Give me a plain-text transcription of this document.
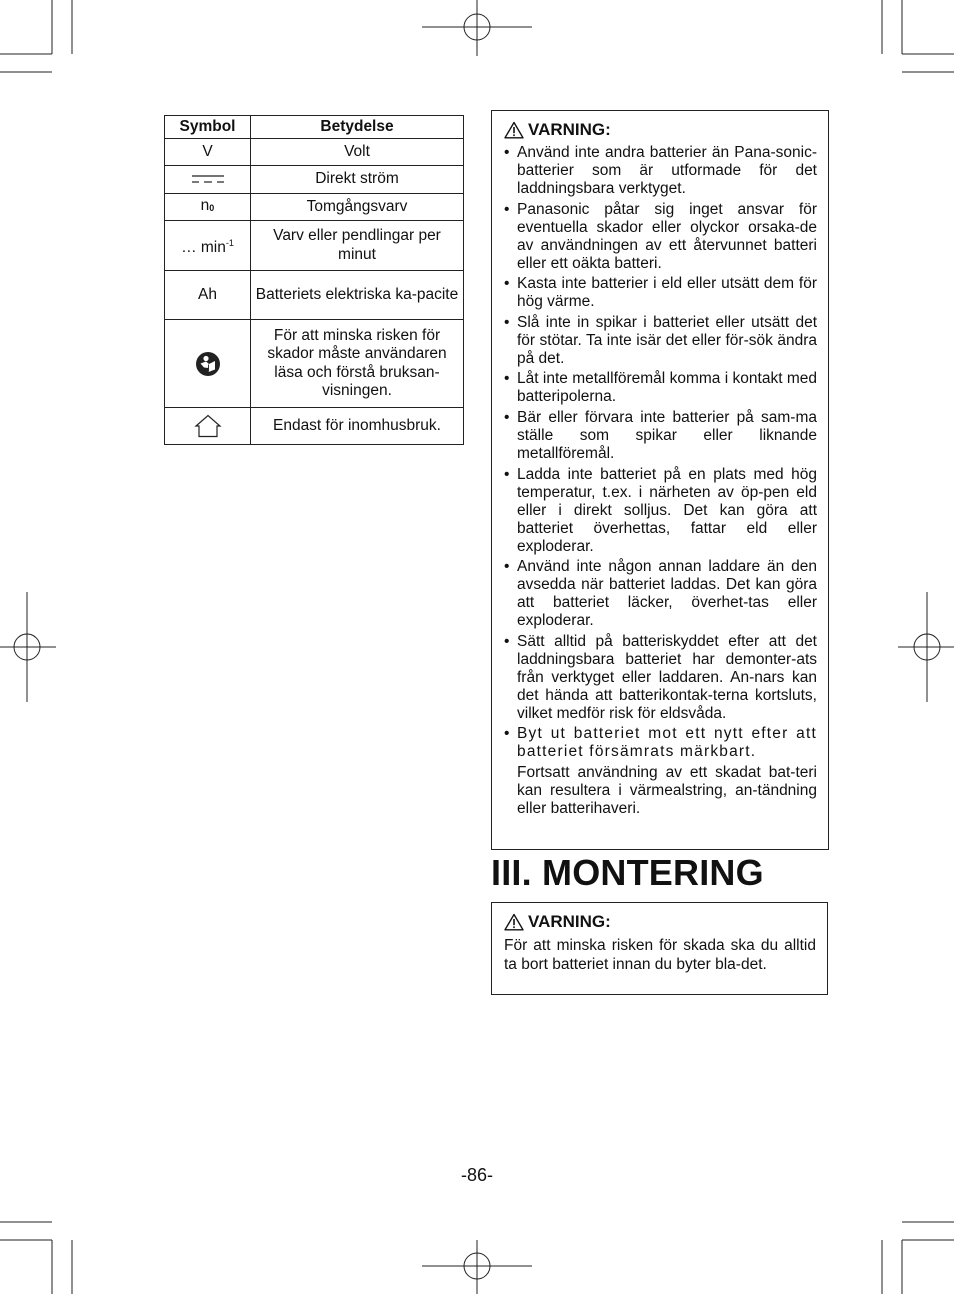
Symbol	Betydelse
V	Volt
	Direkt ström
$n_0$	Tomgångsvarv
… $\min^{-1}$	Varv eller pendlingar per minut
Ah	Batteriets elektriska ka-pacite
	För att minska risken för skador måste användaren läsa och förstå bruksan-visningen.
	Endast för inomhusbruk.
VARNING:
• Använd inte andra batterier än Pana-sonic-batterier som är utformade för det laddningsbara verktyget.
• Panasonic påtar sig inget ansvar för eventuella skador eller olyckor orsaka-de av användningen av ett återvunnet batteri eller ett oäkta batteri.
• Kasta inte batterier i eld eller utsätt dem för hög värme.
• Slå inte in spikar i batteriet eller utsätt det för stötar. Ta inte isär det eller för-sök ändra på det.
• Låt inte metallföremål komma i kontakt med batteripolerna.
• Bär eller förvara inte batterier på sam-ma ställe som spikar eller liknande metallföremål.
• Ladda inte batteriet på en plats med hög temperatur, t.ex. i närheten av öp-pen eld eller i direkt solljus. Det kan göra att batteriet överhettas, fattar eld eller exploderar.
• Använd inte någon annan laddare än den avsedda när batteriet laddas. Det kan göra att batteriet läcker, överhet-tas eller exploderar.
• Sätt alltid på batteriskyddet efter att det laddningsbara batteriet har demonter-ats från verktyget eller laddaren. An-nars kan det hända att batterikontak-terna kortsluts, vilket medför risk för eldsvåda.
• Byt ut batteriet mot ett nytt efter att batteriet försämrats märkbart.

Fortsatt användning av ett skadat bat-teri kan resultera i värmealstring, an-tändning eller batterihaveri.

III. MONTERING
VARNING:

För att minska risken för skada ska du alltid ta bort batteriet innan du byter bla-det.

-86-
